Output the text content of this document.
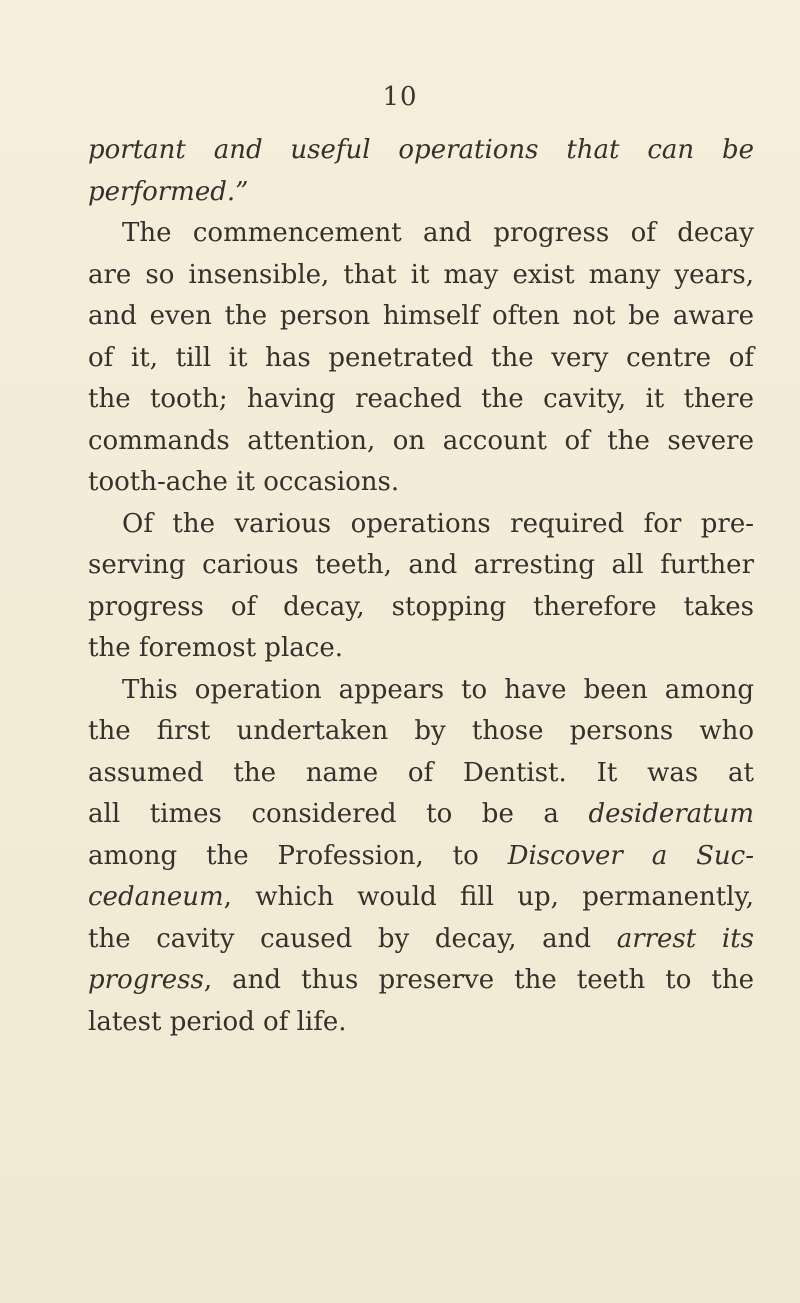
10
portant and useful operations that can be
performed.”
The commencement and progress of decay
are so insensible, that it may exist many years,
and even the person himself often not be aware
of it, till it has penetrated the very centre of
the tooth; having reached the cavity, it there
commands attention, on account of the severe
tooth-ache it occasions.
Of the various operations required for pre-
serving carious teeth, and arresting all further
progress of decay, stopping therefore takes
the foremost place.
This operation appears to have been among
the first undertaken by those persons who
assumed the name of Dentist. It was at
all times considered to be a desideratum
among the Profession, to Discover a Suc-
cedaneum, which would fill up, permanently,
the cavity caused by decay, and arrest its
progress, and thus preserve the teeth to the
latest period of life.
